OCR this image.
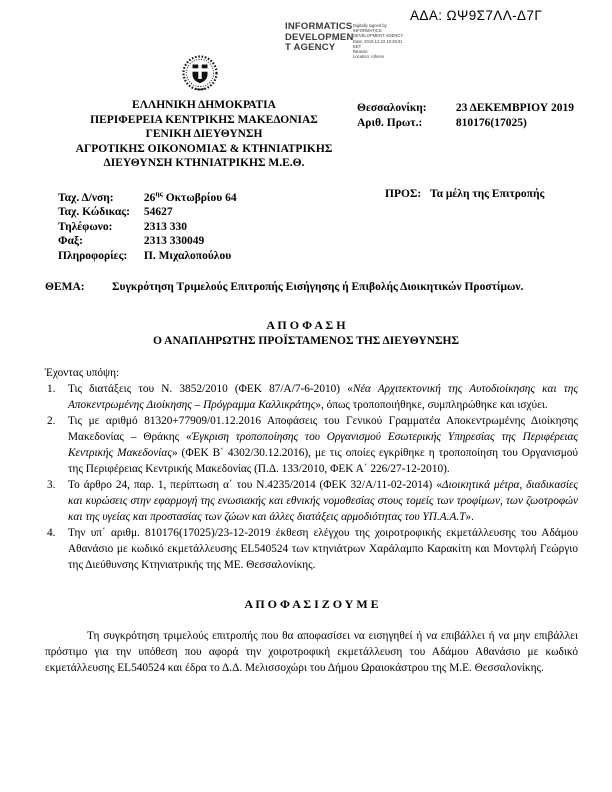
ΑΔΑ: ΩΨ9Σ7ΛΛ-Δ7Γ
INFORMATICS
DEVELOPMEN
T AGENCY
Digitally signed by
INFORMATICS
DEVELOPMENT AGENCY
Date: 2019.12.23 10:29:31
EET
Reason:
Location: Athens
ΕΛΛΗΝΙΚΗ ΔΗΜΟΚΡΑΤΙΑ
ΠΕΡΙΦΕΡΕΙΑ ΚΕΝΤΡΙΚΗΣ ΜΑΚΕΔΟΝΙΑΣ
ΓΕΝΙΚΗ ΔΙΕΥΘΥΝΣΗ
ΑΓΡΟΤΙΚΗΣ ΟΙΚΟΝΟΜΙΑΣ & ΚΤΗΝΙΑΤΡΙΚΗΣ
ΔΙΕΥΘΥΝΣΗ ΚΤΗΝΙΑΤΡΙΚΗΣ Μ.Ε.Θ.
Θεσσαλονίκη:	23 ΔΕΚΕΜΒΡΙΟΥ 2019
Αριθ. Πρωτ.:	810176(17025)
Ταχ. Δ/νση:	$26^{\eta\varsigma}$ Οκτωβρίου 64
Ταχ. Κώδικας: 54627
Τηλέφωνο:	2313 330
Φαξ:	2313 330049
Πληροφορίες: Π. Μιχαλοπούλου
ΠΡΟΣ: Τα μέλη της Επιτροπής
ΘΕΜΑ:	Συγκρότηση Τριμελούς Επιτροπής Εισήγησης ή Επιβολής Διοικητικών Προστίμων.
Α Π Ο Φ Α Σ Η
Ο ΑΝΑΠΛΗΡΩΤΗΣ ΠΡΟΪΣΤΑΜΕΝΟΣ ΤΗΣ ΔΙΕΥΘΥΝΣΗΣ
Έχοντας υπόψη:
1. Τις διατάξεις του Ν. 3852/2010 (ΦΕΚ 87/Α/7-6-2010) «Νέα Αρχιτεκτονική της Αυτοδιοίκησης και της Αποκεντρωμένης Διοίκησης – Πρόγραμμα Καλλικράτης», όπως τροποποιήθηκε, συμπληρώθηκε και ισχύει.
2. Τις με αριθμό 81320+77909/01.12.2016 Αποφάσεις του Γενικού Γραμματέα Αποκεντρωμένης Διοίκησης Μακεδονίας – Θράκης «Έγκριση τροποποίησης του Οργανισμού Εσωτερικής Υπηρεσίας της Περιφέρειας Κεντρικής Μακεδονίας» (ΦΕΚ Β΄ 4302/30.12.2016), με τις οποίες εγκρίθηκε η τροποποίηση του Οργανισμού της Περιφέρειας Κεντρικής Μακεδονίας (Π.Δ. 133/2010, ΦΕΚ Α΄ 226/27-12-2010).
3. Το άρθρο 24, παρ. 1, περίπτωση α΄ του Ν.4235/2014 (ΦΕΚ 32/Α/11-02-2014) «Διοικητικά μέτρα, διαδικασίες και κυρώσεις στην εφαρμογή της ενωσιακής και εθνικής νομοθεσίας στους τομείς των τροφίμων, των ζωοτροφών και της υγείας και προστασίας των ζώων και άλλες διατάξεις αρμοδιότητας του ΥΠ.Α.Α.Τ».
4. Την υπ΄ αριθμ. 810176(17025)/23-12-2019 έκθεση ελέγχου της χοιροτροφικής εκμετάλλευσης του Αδάμου Αθανάσιο με κωδικό εκμετάλλευσης EL540524 των κτηνιάτρων Χαράλαμπο Καρακίτη και Μοντφλή Γεώργιο της Διεύθυνσης Κτηνιατρικής της ΜΕ. Θεσσαλονίκης.
Α Π Ο Φ Α Σ Ι Ζ Ο Υ Μ Ε
Τη συγκρότηση τριμελούς επιτροπής που θα αποφασίσει να εισηγηθεί ή να επιβάλλει ή να μην επιβάλλει πρόστιμο για την υπόθεση που αφορά την χοιροτροφική εκμετάλλευση του Αδάμου Αθανάσιο με κωδικό εκμετάλλευσης EL540524 και έδρα το Δ.Δ. Μελισσοχώρι του Δήμου Ωραιοκάστρου της Μ.Ε. Θεσσαλονίκης.
